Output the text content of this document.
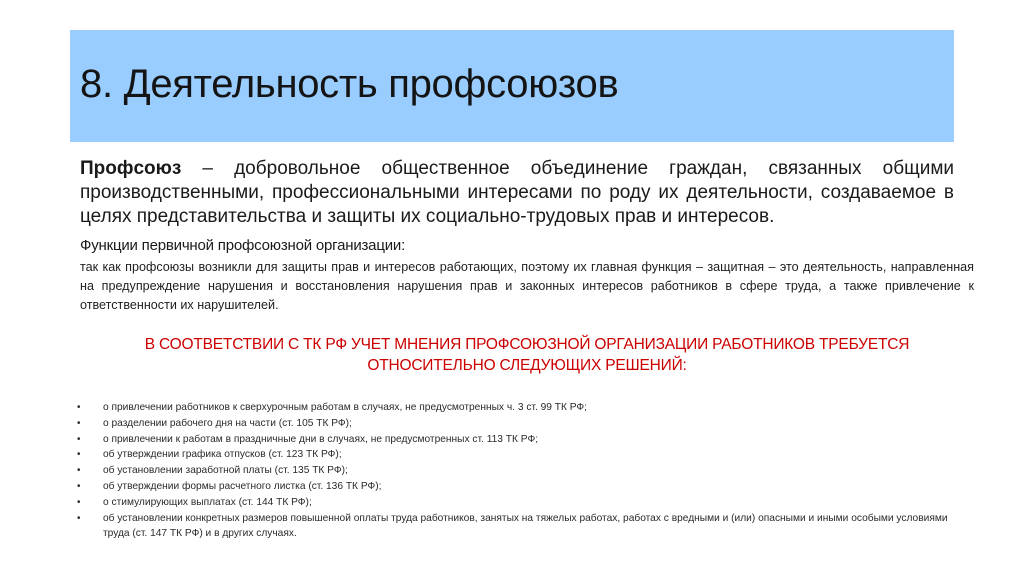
8. Деятельность профсоюзов

Профсоюз – добровольное общественное объединение граждан, связанных общими производственными, профессиональными интересами по роду их деятельности, создаваемое в целях представительства и защиты их социально-трудовых прав и интересов.

Функции первичной профсоюзной организации:

так как профсоюзы возникли для защиты прав и интересов работающих, поэтому их главная функция – защитная – это деятельность, направленная на предупреждение нарушения и восстановления нарушения прав и законных интересов работников в сфере труда, а также привлечение к ответственности их нарушителей.

В СООТВЕТСТВИИ С ТК РФ УЧЕТ МНЕНИЯ ПРОФСОЮЗНОЙ ОРГАНИЗАЦИИ РАБОТНИКОВ ТРЕБУЕТСЯ ОТНОСИТЕЛЬНО СЛЕДУЮЩИХ РЕШЕНИЙ:

• о привлечении работников к сверхурочным работам в случаях, не предусмотренных ч. 3 ст. 99 ТК РФ;
• о разделении рабочего дня на части (ст. 105 ТК РФ);
• о привлечении к работам в праздничные дни в случаях, не предусмотренных ст. 113 ТК РФ;
• об утверждении графика отпусков (ст. 123 ТК РФ);
• об установлении заработной платы (ст. 135 ТК РФ);
• об утверждении формы расчетного листка (ст. 136 ТК РФ);
• о стимулирующих выплатах (ст. 144 ТК РФ);
• об установлении конкретных размеров повышенной оплаты труда работников, занятых на тяжелых работах, работах с вредными и (или) опасными и иными особыми условиями труда (ст. 147 ТК РФ) и в других случаях.
